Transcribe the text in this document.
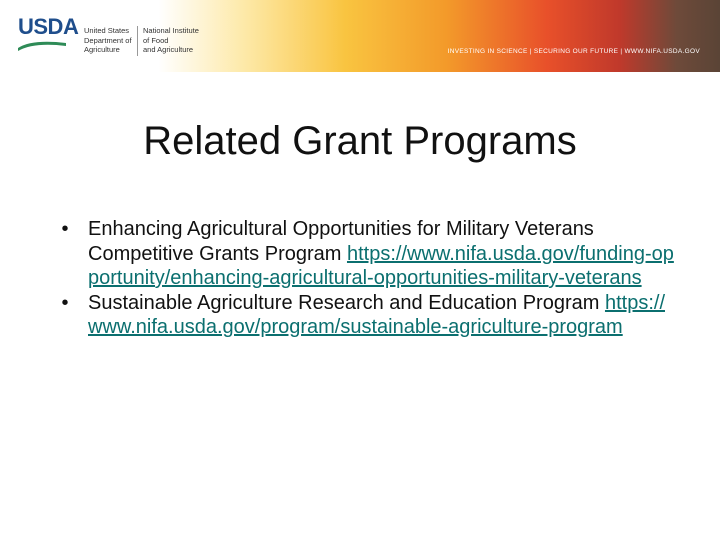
USDA United States
Department of
Agriculture
National Institute
of Food
and Agriculture	INVESTING IN SCIENCE | SECURING OUR FUTURE | WWW.NIFA.USDA.GOV
Related Grant Programs
• Enhancing Agricultural Opportunities for Military Veterans Competitive Grants Program https://www.nifa.usda.gov/funding-opportunity/enhancing-agricultural-opportunities-military-veterans
• Sustainable Agriculture Research and Education Program https://www.nifa.usda.gov/program/sustainable-agriculture-program
